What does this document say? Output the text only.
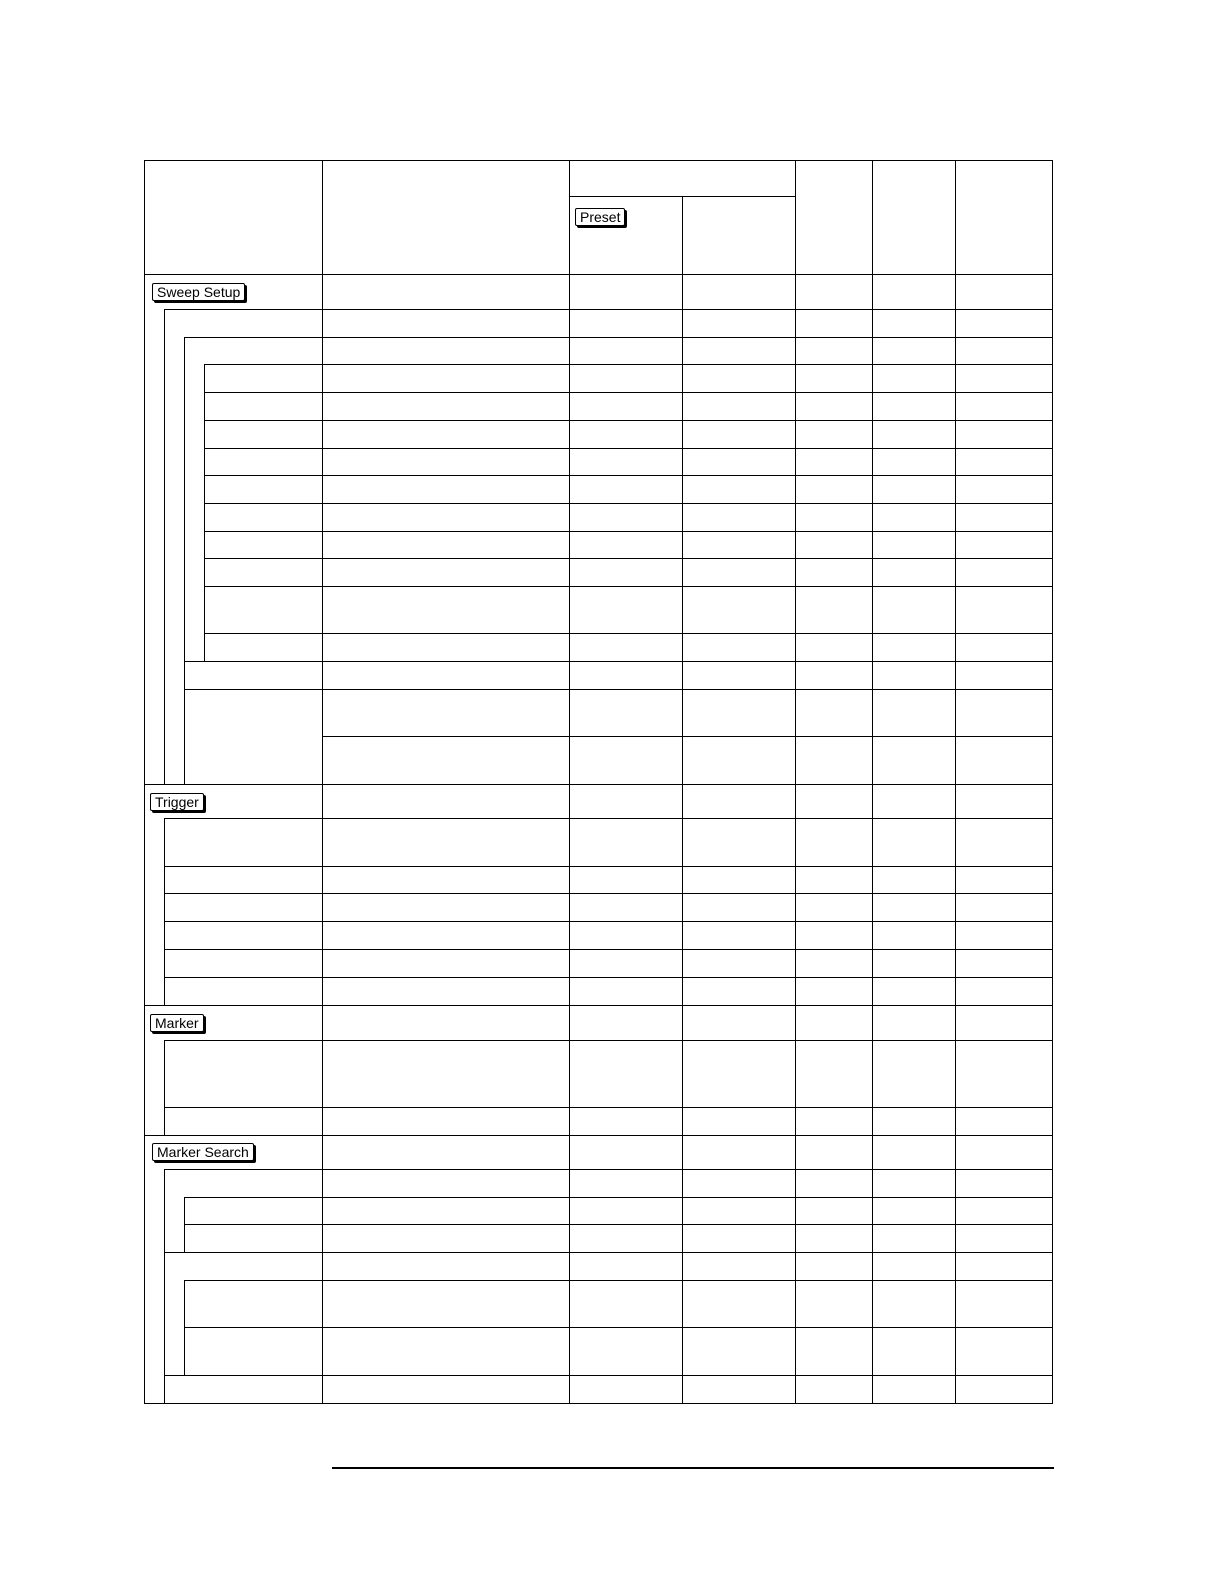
Sweep Setup
Preset
Trigger
Marker
Marker Search
